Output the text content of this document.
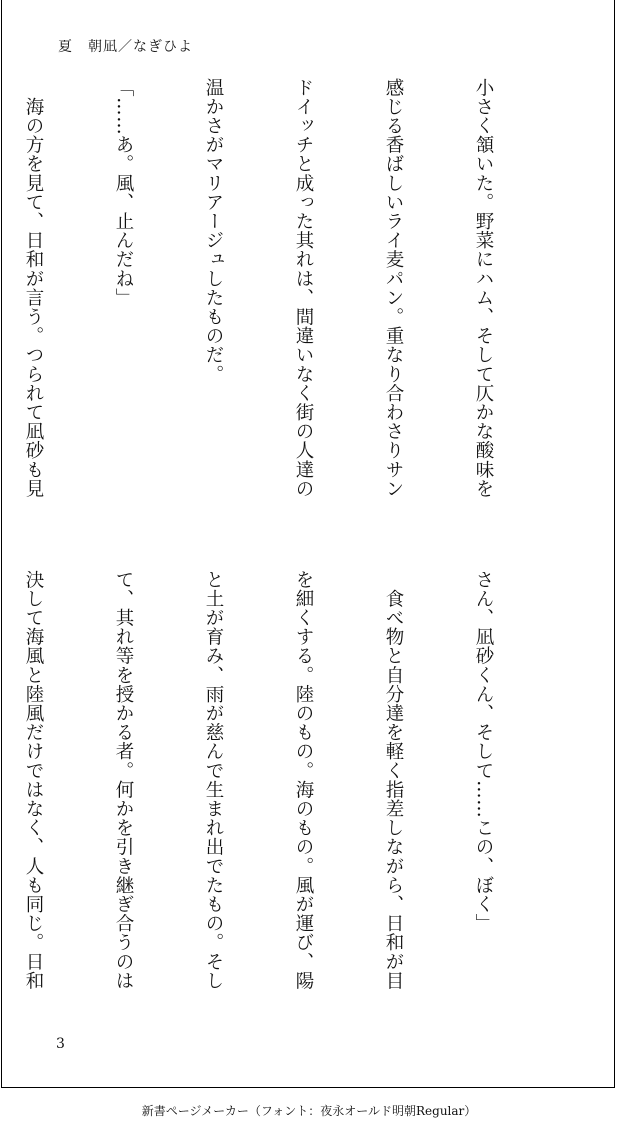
夏　朝凪／なぎひよ

小さく頷いた。野菜にハム、そして仄かな酸味を

感じる香ばしいライ麦パン。重なり合わさりサン

ドイッチと成った其れは、間違いなく街の人達の

温かさがマリアージュしたものだ。

「……あ。風、止んだね」

　海の方を見て、日和が言う。つられて凪砂も見

さん、凪砂くん、そして……この、ぼく」

　食べ物と自分達を軽く指差しながら、日和が目

を細くする。陸のもの。海のもの。風が運び、陽

と土が育み、雨が慈んで生まれ出でたもの。そし

て、其れ等を授かる者。何かを引き継ぎ合うのは

決して海風と陸風だけではなく、人も同じ。日和

3
新書ページメーカー（フォント：夜永オールド明朝Regular）
